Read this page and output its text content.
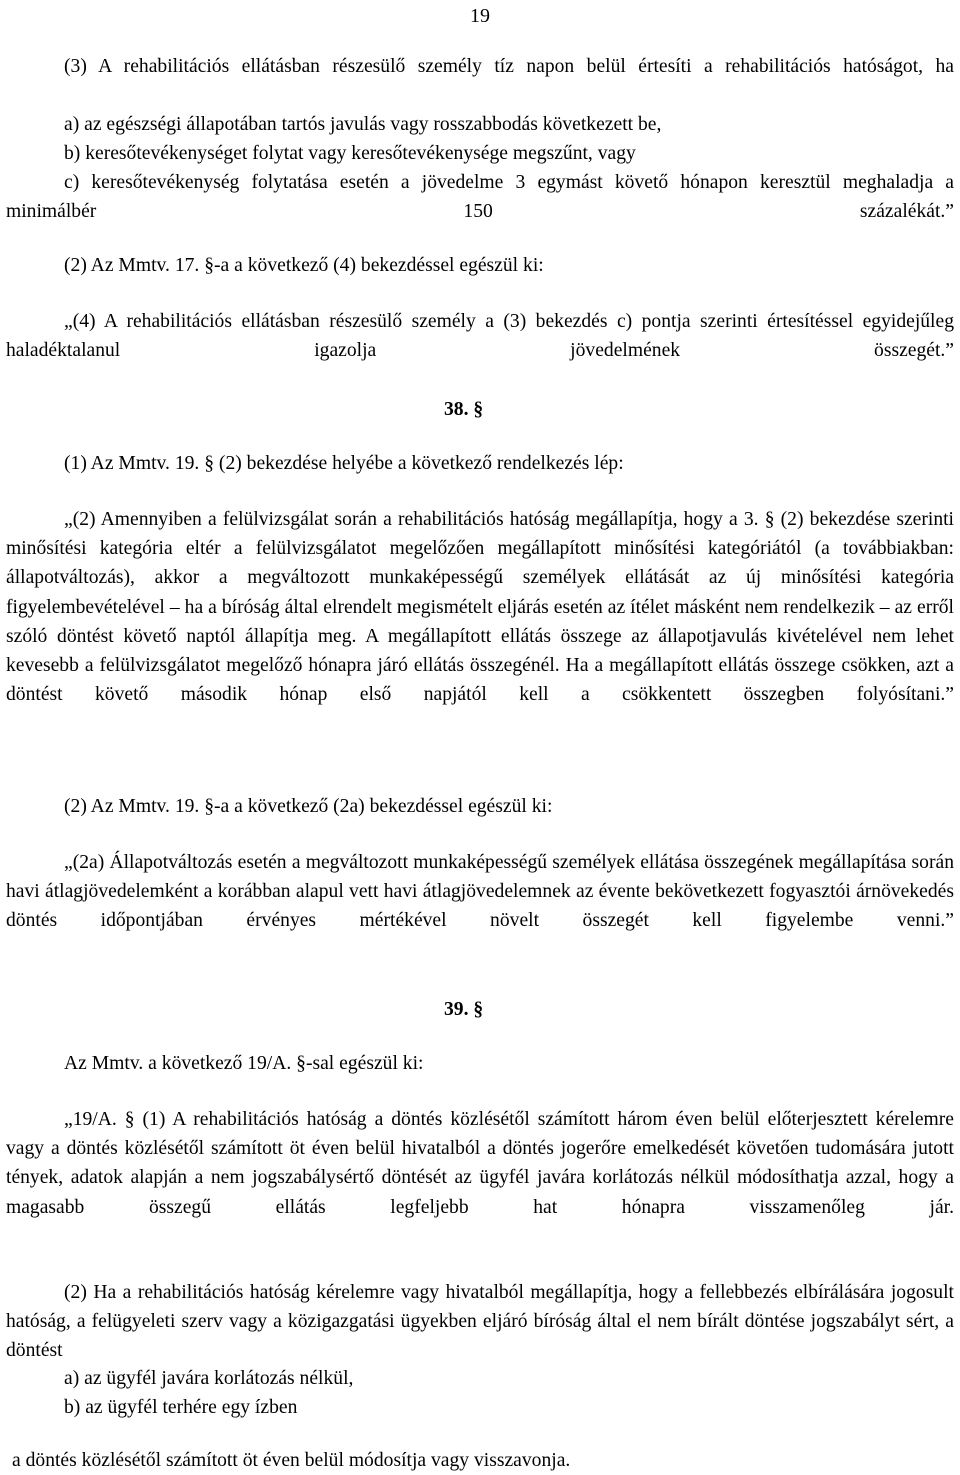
19
(3) A rehabilitációs ellátásban részesülő személy tíz napon belül értesíti a rehabilitációs hatóságot, ha
a) az egészségi állapotában tartós javulás vagy rosszabbodás következett be,
b) keresőtevékenységet folytat vagy keresőtevékenysége megszűnt, vagy
c) keresőtevékenység folytatása esetén a jövedelme 3 egymást követő hónapon keresztül meghaladja a minimálbér 150 százalékát.”
(2) Az Mmtv. 17. §-a a következő (4) bekezdéssel egészül ki:
„(4) A rehabilitációs ellátásban részesülő személy a (3) bekezdés c) pontja szerinti értesítéssel egyidejűleg haladéktalanul igazolja jövedelmének összegét.”
38. §
(1) Az Mmtv. 19. § (2) bekezdése helyébe a következő rendelkezés lép:
„(2) Amennyiben a felülvizsgálat során a rehabilitációs hatóság megállapítja, hogy a 3. § (2) bekezdése szerinti minősítési kategória eltér a felülvizsgálatot megelőzően megállapított minősítési kategóriától (a továbbiakban: állapotváltozás), akkor a megváltozott munkaképességű személyek ellátását az új minősítési kategória figyelembevételével – ha a bíróság által elrendelt megismételt eljárás esetén az ítélet másként nem rendelkezik – az erről szóló döntést követő naptól állapítja meg. A megállapított ellátás összege az állapotjavulás kivételével nem lehet kevesebb a felülvizsgálatot megelőző hónapra járó ellátás összegénél. Ha a megállapított ellátás összege csökken, azt a döntést követő második hónap első napjától kell a csökkentett összegben folyósítani.”
(2) Az Mmtv. 19. §-a a következő (2a) bekezdéssel egészül ki:
„(2a) Állapotváltozás esetén a megváltozott munkaképességű személyek ellátása összegének megállapítása során havi átlagjövedelemként a korábban alapul vett havi átlagjövedelemnek az évente bekövetkezett fogyasztói árnövekedés döntés időpontjában érvényes mértékével növelt összegét kell figyelembe venni.”
39. §
Az Mmtv. a következő 19/A. §-sal egészül ki:
„19/A. § (1) A rehabilitációs hatóság a döntés közlésétől számított három éven belül előterjesztett kérelemre vagy a döntés közlésétől számított öt éven belül hivatalból a döntés jogerőre emelkedését követően tudomására jutott tények, adatok alapján a nem jogszabálysértő döntését az ügyfél javára korlátozás nélkül módosíthatja azzal, hogy a magasabb összegű ellátás legfeljebb hat hónapra visszamenőleg jár.
(2) Ha a rehabilitációs hatóság kérelemre vagy hivatalból megállapítja, hogy a fellebbezés elbírálására jogosult hatóság, a felügyeleti szerv vagy a közigazgatási ügyekben eljáró bíróság által el nem bírált döntése jogszabályt sért, a döntést
a) az ügyfél javára korlátozás nélkül,
b) az ügyfél terhére egy ízben
a döntés közlésétől számított öt éven belül módosítja vagy visszavonja.
